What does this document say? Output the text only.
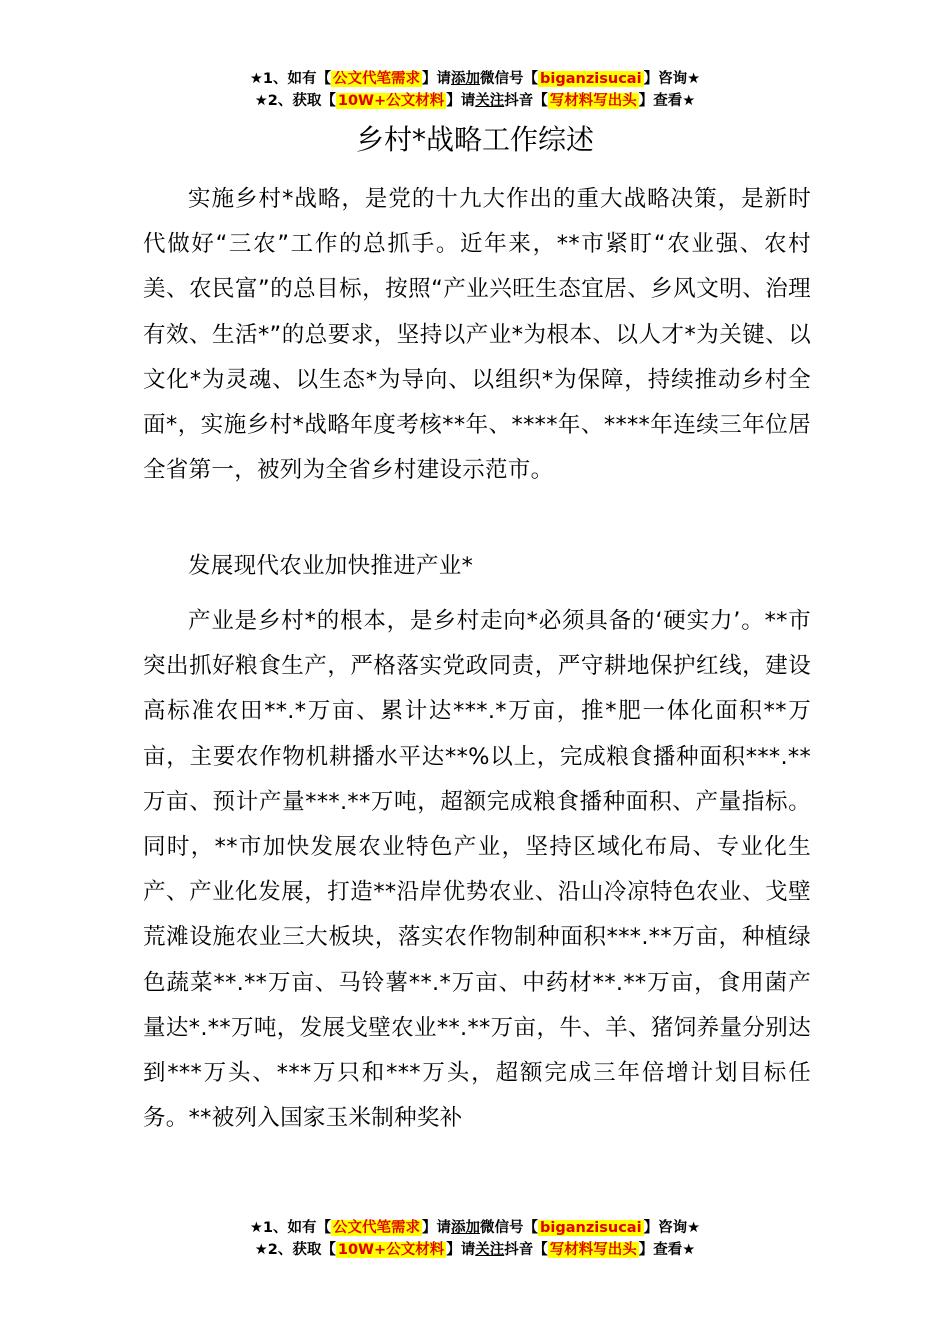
★1、如有【 公文代笔需求 】请添加微信号【 biganzisucai 】咨询★
★2、获取【 10W+公文材料 】请关注抖音【 写材料写出头 】查看★
乡村*战略工作综述

实施乡村*战略，是党的十九大作出的重大战略决策，是新时代做好“三农”工作的总抓手。近年来，**市紧盯“农业强、农村美、农民富”的总目标，按照“产业兴旺生态宜居、乡风文明、治理有效、生活*”的总要求，坚持以产业*为根本、以人才*为关键、以文化*为灵魂、以生态*为导向、以组织*为保障，持续推动乡村全面*，实施乡村*战略年度考核**年、****年、****年连续三年位居全省第一，被列为全省乡村建设示范市。

发展现代农业加快推进产业*

产业是乡村*的根本，是乡村走向*必须具备的‘硬实力’。**市突出抓好粮食生产，严格落实党政同责，严守耕地保护红线，建设高标准农田**.*万亩、累计达***.*万亩，推*肥一体化面积**万亩，主要农作物机耕播水平达**%以上，完成粮食播种面积***.**万亩、预计产量***.**万吨，超额完成粮食播种面积、产量指标。同时，**市加快发展农业特色产业，坚持区域化布局、专业化生产、产业化发展，打造**沿岸优势农业、沿山冷凉特色农业、戈壁荒滩设施农业三大板块，落实农作物制种面积***.**万亩，种植绿色蔬菜**.**万亩、马铃薯**.*万亩、中药材**.**万亩，食用菌产量达*.**万吨，发展戈壁农业**.**万亩，牛、羊、猪饲养量分别达到***万头、***万只和***万头，超额完成三年倍增计划目标任务。**被列入国家玉米制种奖补

★1、如有【 公文代笔需求 】请添加微信号【 biganzisucai 】咨询★
★2、获取【 10W+公文材料 】请关注抖音【 写材料写出头 】查看★
